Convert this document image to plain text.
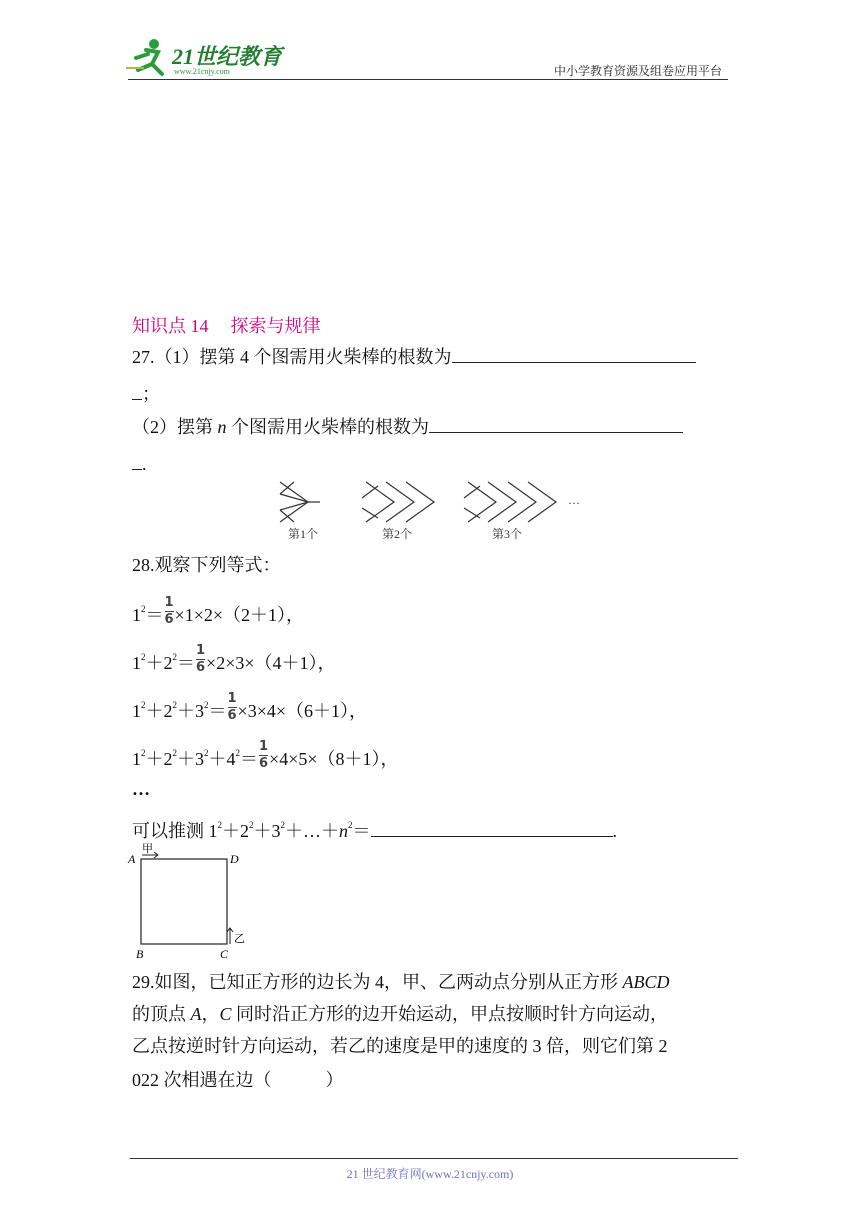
21世纪教育
www.21cnjy.com	中小学教育资源及组卷应用平台
知识点 14 探索与规律
27.（1）摆第 4 个图需用火柴棒的根数为
；
（2）摆第 n 个图需用火柴棒的根数为
.
…
第1个	第2个	第3个
28.观察下列等式：
$1^2=\frac{1}{6}\times 1\times 2\times(2+1)$，
$1^2+2^2=\frac{1}{6}\times 2\times 3\times(4+1)$，
$1^2+2^2+3^2=\frac{1}{6}\times 3\times 4\times(6+1)$，
$1^2+2^2+3^2+4^2=\frac{1}{6}\times 4\times 5\times(8+1)$，
…
可以推测 $1^2+2^2+3^2+\dots+n^2=$	.
A	D
B	C
甲
乙
29.如图，已知正方形的边长为 4，甲、乙两动点分别从正方形 ABCD
的顶点 A，C 同时沿正方形的边开始运动，甲点按顺时针方向运动，
乙点按逆时针方向运动，若乙的速度是甲的速度的 3 倍，则它们第 2
022 次相遇在边（　　　）
21 世纪教育网(www.21cnjy.com)
